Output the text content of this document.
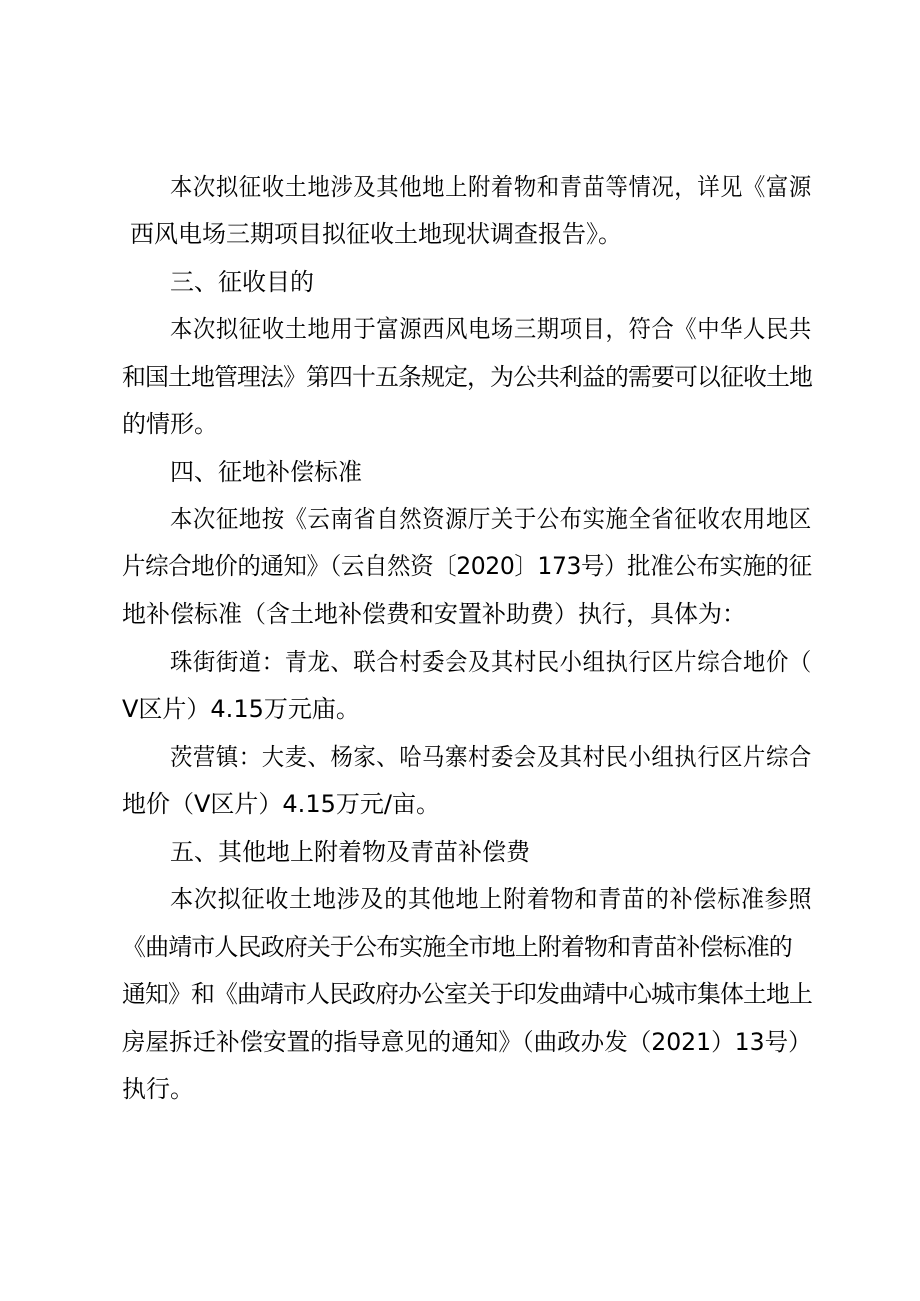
本次拟征收土地涉及其他地上附着物和青苗等情况，详见《富源
西风电场三期项目拟征收土地现状调查报告》。
三、征收目的
本次拟征收土地用于富源西风电场三期项目，符合《中华人民共
和国土地管理法》第四十五条规定，为公共利益的需要可以征收土地
的情形。
四、征地补偿标准
本次征地按《云南省自然资源厅关于公布实施全省征收农用地区
片综合地价的通知》（云自然资〔2020〕173号）批准公布实施的征
地补偿标准（含土地补偿费和安置补助费）执行，具体为：
珠街街道：青龙、联合村委会及其村民小组执行区片综合地价（
V区片）4.15万元庙。
茨营镇：大麦、杨家、哈马寨村委会及其村民小组执行区片综合
地价（V区片）4.15万元/亩。
五、其他地上附着物及青苗补偿费
本次拟征收土地涉及的其他地上附着物和青苗的补偿标准参照
《曲靖市人民政府关于公布实施全市地上附着物和青苗补偿标准的
通知》和《曲靖市人民政府办公室关于印发曲靖中心城市集体土地上
房屋拆迁补偿安置的指导意见的通知》（曲政办发（2021）13号）
执行。
